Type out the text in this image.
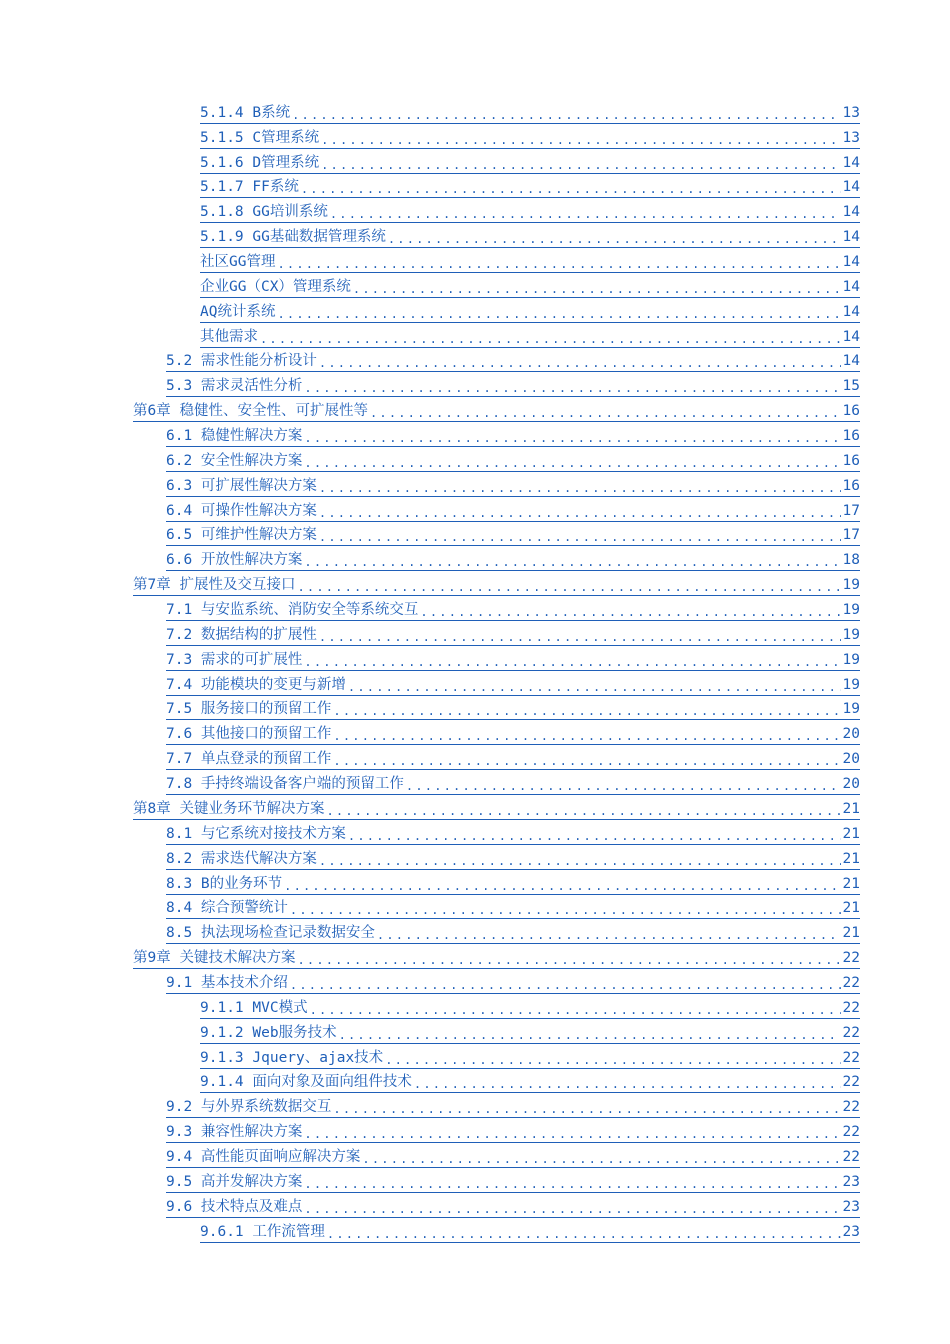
5.1.4 B系统 .....	13
5.1.5 C管理系统 .....	13
5.1.6 D管理系统 .....	14
5.1.7 FF系统 .....	14
5.1.8 GG培训系统 .....	14
5.1.9 GG基础数据管理系统 .....	14
社区GG管理 .....	14
企业GG（CX）管理系统 .....	14
AQ统计系统 .....	14
其他需求 .....	14
5.2 需求性能分析设计 .....	14
5.3 需求灵活性分析 .....	15
第6章 稳健性、安全性、可扩展性等 .....	16
6.1 稳健性解决方案 .....	16
6.2 安全性解决方案 .....	16
6.3 可扩展性解决方案 .....	16
6.4 可操作性解决方案 .....	17
6.5 可维护性解决方案 .....	17
6.6 开放性解决方案 .....	18
第7章 扩展性及交互接口 .....	19
7.1 与安监系统、消防安全等系统交互 .....	19
7.2 数据结构的扩展性 .....	19
7.3 需求的可扩展性 .....	19
7.4 功能模块的变更与新增 .....	19
7.5 服务接口的预留工作 .....	19
7.6 其他接口的预留工作 .....	20
7.7 单点登录的预留工作 .....	20
7.8 手持终端设备客户端的预留工作 .....	20
第8章 关键业务环节解决方案 .....	21
8.1 与它系统对接技术方案 .....	21
8.2 需求迭代解决方案 .....	21
8.3 B的业务环节 .....	21
8.4 综合预警统计 .....	21
8.5 执法现场检查记录数据安全 .....	21
第9章 关键技术解决方案 .....	22
9.1 基本技术介绍 .....	22
9.1.1 MVC模式 .....	22
9.1.2 Web服务技术 .....	22
9.1.3 Jquery、ajax技术 .....	22
9.1.4 面向对象及面向组件技术 .....	22
9.2 与外界系统数据交互 .....	22
9.3 兼容性解决方案 .....	22
9.4 高性能页面响应解决方案 .....	22
9.5 高并发解决方案 .....	23
9.6 技术特点及难点 .....	23
9.6.1 工作流管理 .....	23
